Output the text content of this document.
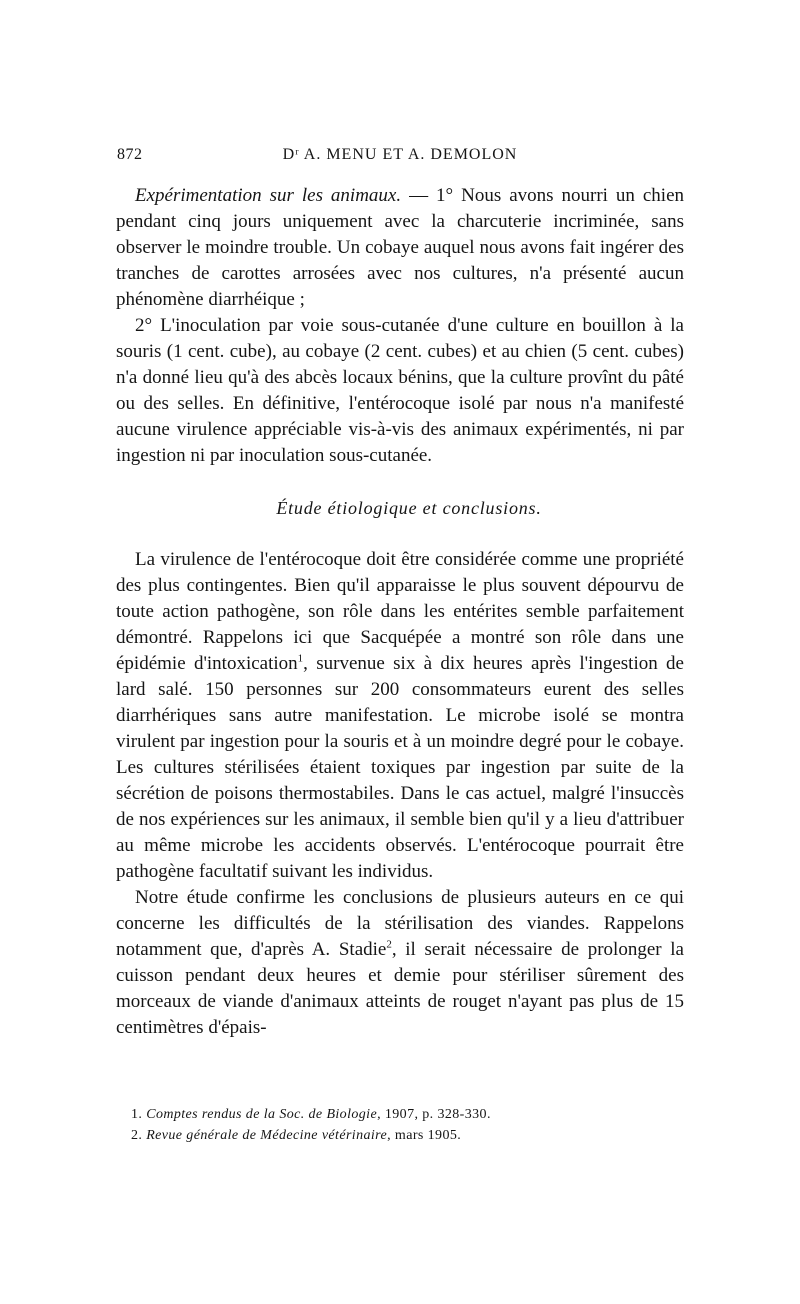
872	Dʳ A. MENU ET A. DEMOLON

Expérimentation sur les animaux. — 1° Nous avons nourri un chien pendant cinq jours uniquement avec la charcuterie incriminée, sans observer le moindre trouble. Un cobaye auquel nous avons fait ingérer des tranches de carottes arrosées avec nos cultures, n'a présenté aucun phénomène diarrhéique ;

2° L'inoculation par voie sous-cutanée d'une culture en bouillon à la souris (1 cent. cube), au cobaye (2 cent. cubes) et au chien (5 cent. cubes) n'a donné lieu qu'à des abcès locaux bénins, que la culture provînt du pâté ou des selles. En définitive, l'entérocoque isolé par nous n'a manifesté aucune virulence appréciable vis-à-vis des animaux expérimentés, ni par ingestion ni par inoculation sous-cutanée.

Étude étiologique et conclusions.

La virulence de l'entérocoque doit être considérée comme une propriété des plus contingentes. Bien qu'il apparaisse le plus souvent dépourvu de toute action pathogène, son rôle dans les entérites semble parfaitement démontré. Rappelons ici que Sacquépée a montré son rôle dans une épidémie d'intoxication$^1$, survenue six à dix heures après l'ingestion de lard salé. 150 personnes sur 200 consommateurs eurent des selles diarrhériques sans autre manifestation. Le microbe isolé se montra virulent par ingestion pour la souris et à un moindre degré pour le cobaye. Les cultures stérilisées étaient toxiques par ingestion par suite de la sécrétion de poisons thermostabiles. Dans le cas actuel, malgré l'insuccès de nos expériences sur les animaux, il semble bien qu'il y a lieu d'attribuer au même microbe les accidents observés. L'entérocoque pourrait être pathogène facultatif suivant les individus.

Notre étude confirme les conclusions de plusieurs auteurs en ce qui concerne les difficultés de la stérilisation des viandes. Rappelons notamment que, d'après A. Stadie$^2$, il serait nécessaire de prolonger la cuisson pendant deux heures et demie pour stériliser sûrement des morceaux de viande d'animaux atteints de rouget n'ayant pas plus de 15 centimètres d'épais-

1. Comptes rendus de la Soc. de Biologie, 1907, p. 328-330.
2. Revue générale de Médecine vétérinaire, mars 1905.
